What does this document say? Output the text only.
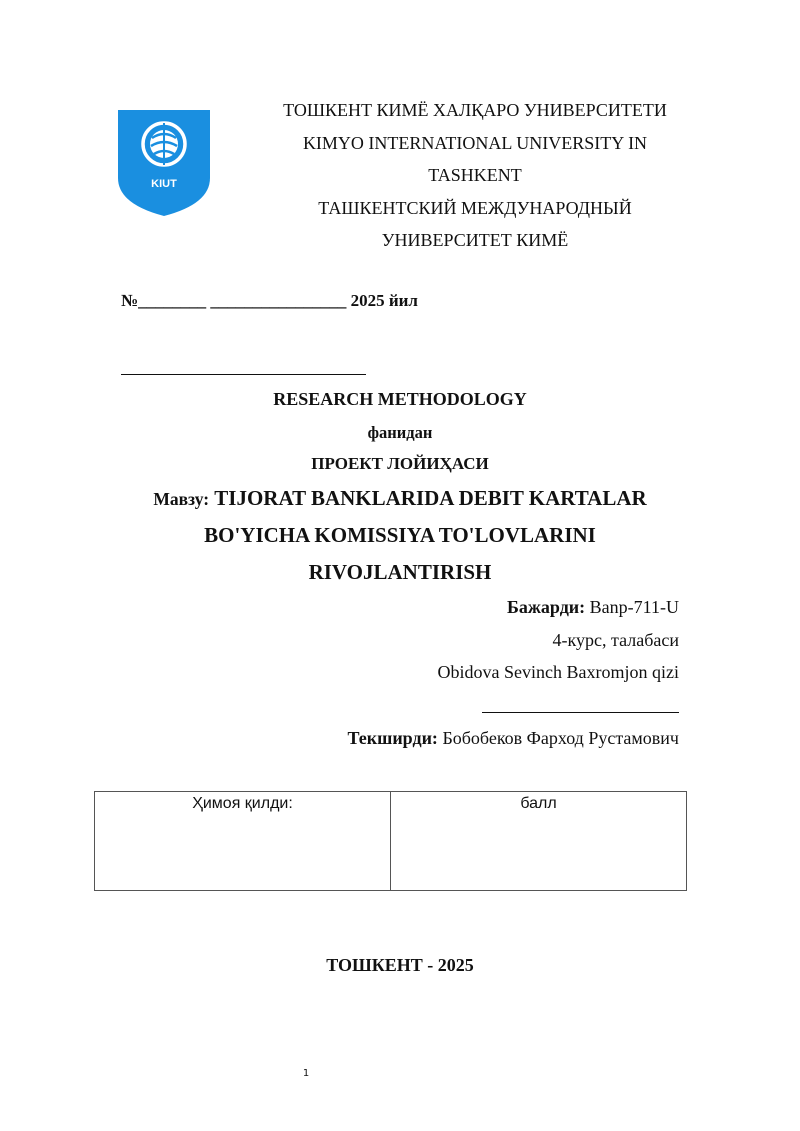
KIUT
ТОШКЕНТ КИМЁ ХАЛҚАРО УНИВЕРСИТЕТИ
KIMYO INTERNATIONAL UNIVERSITY IN
TASHKENT
ТАШКЕНТСКИЙ МЕЖДУНАРОДНЫЙ
УНИВЕРСИТЕТ КИМЁ
№________ ________________ 2025 йил
RESEARCH METHODOLOGY
фанидан
ПРОЕКТ ЛОЙИҲАСИ
Мавзу: TIJORAT BANKLARIDA DEBIT KARTALAR
BO'YICHA KOMISSIYA TO'LOVLARINI
RIVOJLANTIRISH
Бажарди: Banp-711-U
4-курс, талабаси
Obidova Sevinch Baxromjon qizi
Текширди: Бобобеков Фарход Рустамович
Ҳимоя қилди:	балл
ТОШКЕНТ - 2025
1
